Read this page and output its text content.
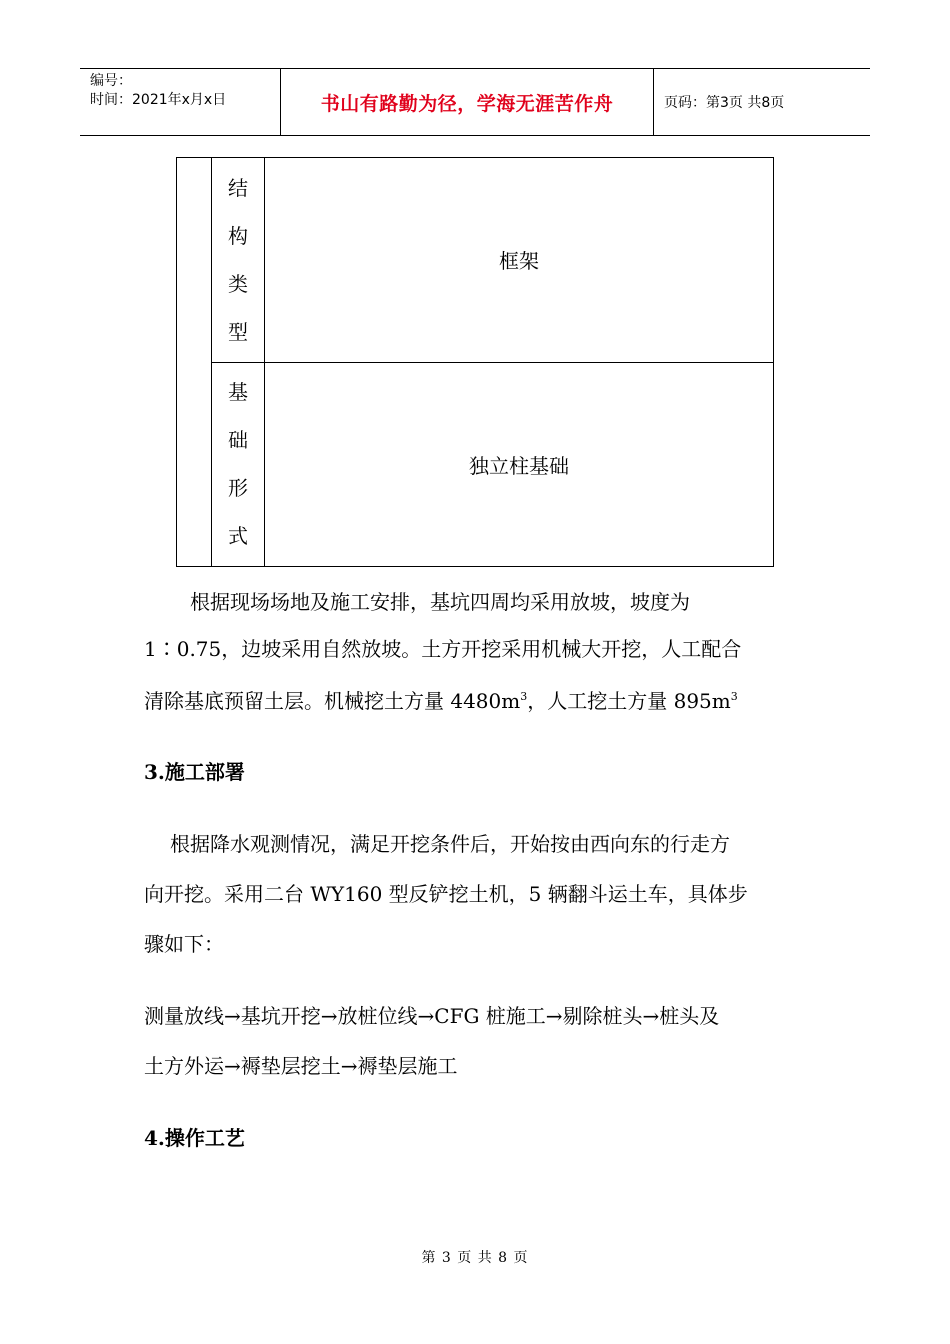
编号：
时间：2021年x月x日	书山有路勤为径，学海无涯苦作舟	页码：第3页 共8页
结
构
类
型
框架
基
础
形
式
独立柱基础
根据现场场地及施工安排，基坑四周均采用放坡，坡度为
1∶0.75，边坡采用自然放坡。土方开挖采用机械大开挖，人工配合
清除基底预留土层。机械挖土方量 $4480m^3$，人工挖土方量 $895m^3$
3.施工部署
根据降水观测情况，满足开挖条件后，开始按由西向东的行走方
向开挖。采用二台 WY160 型反铲挖土机，5 辆翻斗运土车，具体步
骤如下：
测量放线→基坑开挖→放桩位线→CFG 桩施工→剔除桩头→桩头及
土方外运→褥垫层挖土→褥垫层施工
4.操作工艺
第 3 页 共 8 页
